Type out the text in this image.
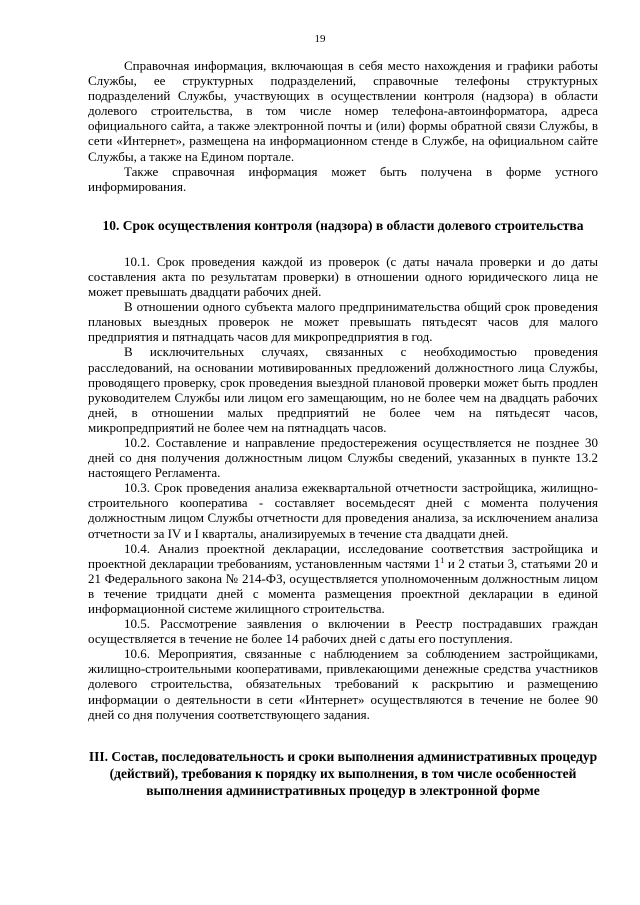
19

Справочная информация, включающая в себя место нахождения и графики работы Службы, ее структурных подразделений, справочные телефоны структурных подразделений Службы, участвующих в осуществлении контроля (надзора) в области долевого строительства, в том числе номер телефона-автоинформатора, адреса официального сайта, а также электронной почты и (или) формы обратной связи Службы, в сети «Интернет», размещена на информационном стенде в Службе, на официальном сайте Службы, а также на Едином портале.

Также справочная информация может быть получена в форме устного информирования.

10. Срок осуществления контроля (надзора) в области долевого строительства

10.1. Срок проведения каждой из проверок (с даты начала проверки и до даты составления акта по результатам проверки) в отношении одного юридического лица не может превышать двадцати рабочих дней.

В отношении одного субъекта малого предпринимательства общий срок проведения плановых выездных проверок не может превышать пятьдесят часов для малого предприятия и пятнадцать часов для микропредприятия в год.

В исключительных случаях, связанных с необходимостью проведения расследований, на основании мотивированных предложений должностного лица Службы, проводящего проверку, срок проведения выездной плановой проверки может быть продлен руководителем Службы или лицом его замещающим, но не более чем на двадцать рабочих дней, в отношении малых предприятий не более чем на пятьдесят часов, микропредприятий не более чем на пятнадцать часов.

10.2. Составление и направление предостережения осуществляется не позднее 30 дней со дня получения должностным лицом Службы сведений, указанных в пункте 13.2 настоящего Регламента.

10.3. Срок проведения анализа ежеквартальной отчетности застройщика, жилищно-строительного кооператива - составляет восемьдесят дней с момента получения должностным лицом Службы отчетности для проведения анализа, за исключением анализа отчетности за IV и I кварталы, анализируемых в течение ста двадцати дней.

10.4. Анализ проектной декларации, исследование соответствия застройщика и проектной декларации требованиям, установленным частями $1^1$ и 2 статьи 3, статьями 20 и 21 Федерального закона № 214-ФЗ, осуществляется уполномоченным должностным лицом в течение тридцати дней с момента размещения проектной декларации в единой информационной системе жилищного строительства.

10.5. Рассмотрение заявления о включении в Реестр пострадавших граждан осуществляется в течение не более 14 рабочих дней с даты его поступления.

10.6. Мероприятия, связанные с наблюдением за соблюдением застройщиками, жилищно-строительными кооперативами, привлекающими денежные средства участников долевого строительства, обязательных требований к раскрытию и размещению информации о деятельности в сети «Интернет» осуществляются в течение не более 90 дней со дня получения соответствующего задания.

III. Состав, последовательность и сроки выполнения административных процедур (действий), требования к порядку их выполнения, в том числе особенностей выполнения административных процедур в электронной форме
